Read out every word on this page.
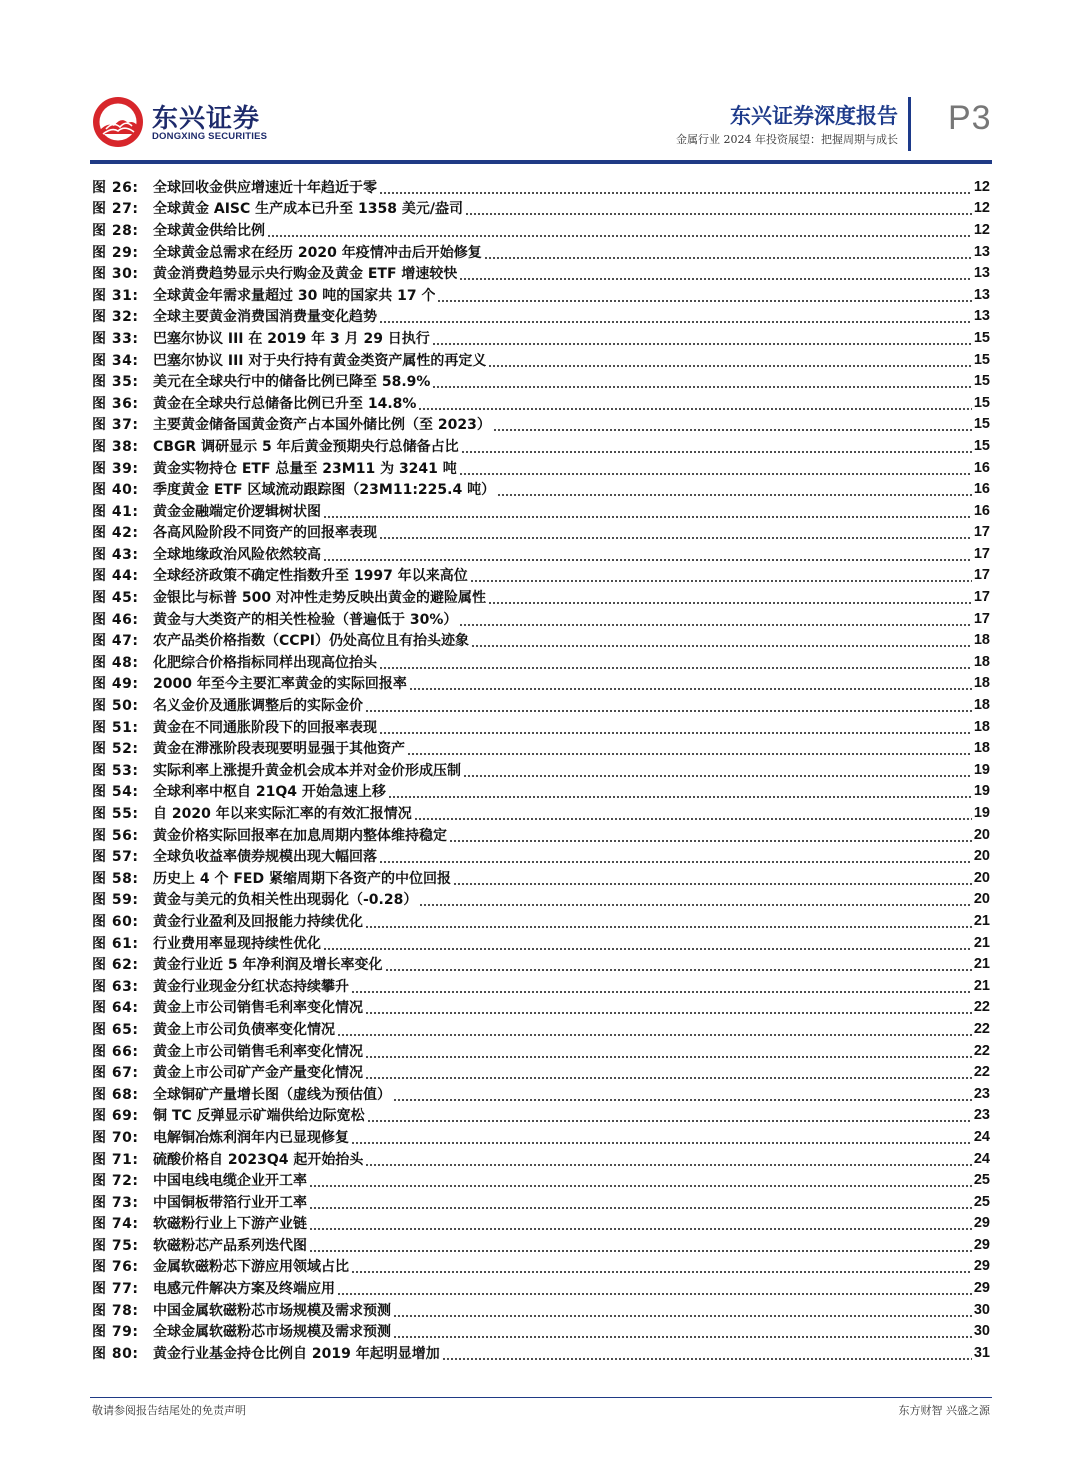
东兴证券
DONGXING SECURITIES
东兴证券深度报告
金属行业 2024 年投资展望：把握周期与成长
P3
图 26:	全球回收金供应增速近十年趋近于零	12
图 27:	全球黄金 AISC 生产成本已升至 1358 美元/盎司	12
图 28:	全球黄金供给比例	12
图 29:	全球黄金总需求在经历 2020 年疫情冲击后开始修复	13
图 30:	黄金消费趋势显示央行购金及黄金 ETF 增速较快	13
图 31:	全球黄金年需求量超过 30 吨的国家共 17 个	13
图 32:	全球主要黄金消费国消费量变化趋势	13
图 33:	巴塞尔协议 III 在 2019 年 3 月 29 日执行	15
图 34:	巴塞尔协议 III 对于央行持有黄金类资产属性的再定义	15
图 35:	美元在全球央行中的储备比例已降至 58.9%	15
图 36:	黄金在全球央行总储备比例已升至 14.8%	15
图 37:	主要黄金储备国黄金资产占本国外储比例（至 2023）	15
图 38:	CBGR 调研显示 5 年后黄金预期央行总储备占比	15
图 39:	黄金实物持仓 ETF 总量至 23M11 为 3241 吨	16
图 40:	季度黄金 ETF 区域流动跟踪图（23M11:225.4 吨）	16
图 41:	黄金金融端定价逻辑树状图	16
图 42:	各高风险阶段不同资产的回报率表现	17
图 43:	全球地缘政治风险依然较高	17
图 44:	全球经济政策不确定性指数升至 1997 年以来高位	17
图 45:	金银比与标普 500 对冲性走势反映出黄金的避险属性	17
图 46:	黄金与大类资产的相关性检验（普遍低于 30%）	17
图 47:	农产品类价格指数（CCPI）仍处高位且有抬头迹象	18
图 48:	化肥综合价格指标同样出现高位抬头	18
图 49:	2000 年至今主要汇率黄金的实际回报率	18
图 50:	名义金价及通胀调整后的实际金价	18
图 51:	黄金在不同通胀阶段下的回报率表现	18
图 52:	黄金在滞涨阶段表现要明显强于其他资产	18
图 53:	实际利率上涨提升黄金机会成本并对金价形成压制	19
图 54:	全球利率中枢自 21Q4 开始急速上移	19
图 55:	自 2020 年以来实际汇率的有效汇报情况	19
图 56:	黄金价格实际回报率在加息周期内整体维持稳定	20
图 57:	全球负收益率债券规模出现大幅回落	20
图 58:	历史上 4 个 FED 紧缩周期下各资产的中位回报	20
图 59:	黄金与美元的负相关性出现弱化（-0.28）	20
图 60:	黄金行业盈利及回报能力持续优化	21
图 61:	行业费用率显现持续性优化	21
图 62:	黄金行业近 5 年净利润及增长率变化	21
图 63:	黄金行业现金分红状态持续攀升	21
图 64:	黄金上市公司销售毛利率变化情况	22
图 65:	黄金上市公司负债率变化情况	22
图 66:	黄金上市公司销售毛利率变化情况	22
图 67:	黄金上市公司矿产金产量变化情况	22
图 68:	全球铜矿产量增长图（虚线为预估值）	23
图 69:	铜 TC 反弹显示矿端供给边际宽松	23
图 70:	电解铜冶炼利润年内已显现修复	24
图 71:	硫酸价格自 2023Q4 起开始抬头	24
图 72:	中国电线电缆企业开工率	25
图 73:	中国铜板带箔行业开工率	25
图 74:	软磁粉行业上下游产业链	29
图 75:	软磁粉芯产品系列迭代图	29
图 76:	金属软磁粉芯下游应用领域占比	29
图 77:	电感元件解决方案及终端应用	29
图 78:	中国金属软磁粉芯市场规模及需求预测	30
图 79:	全球金属软磁粉芯市场规模及需求预测	30
图 80:	黄金行业基金持仓比例自 2019 年起明显增加	31
敬请参阅报告结尾处的免责声明	东方财智 兴盛之源
